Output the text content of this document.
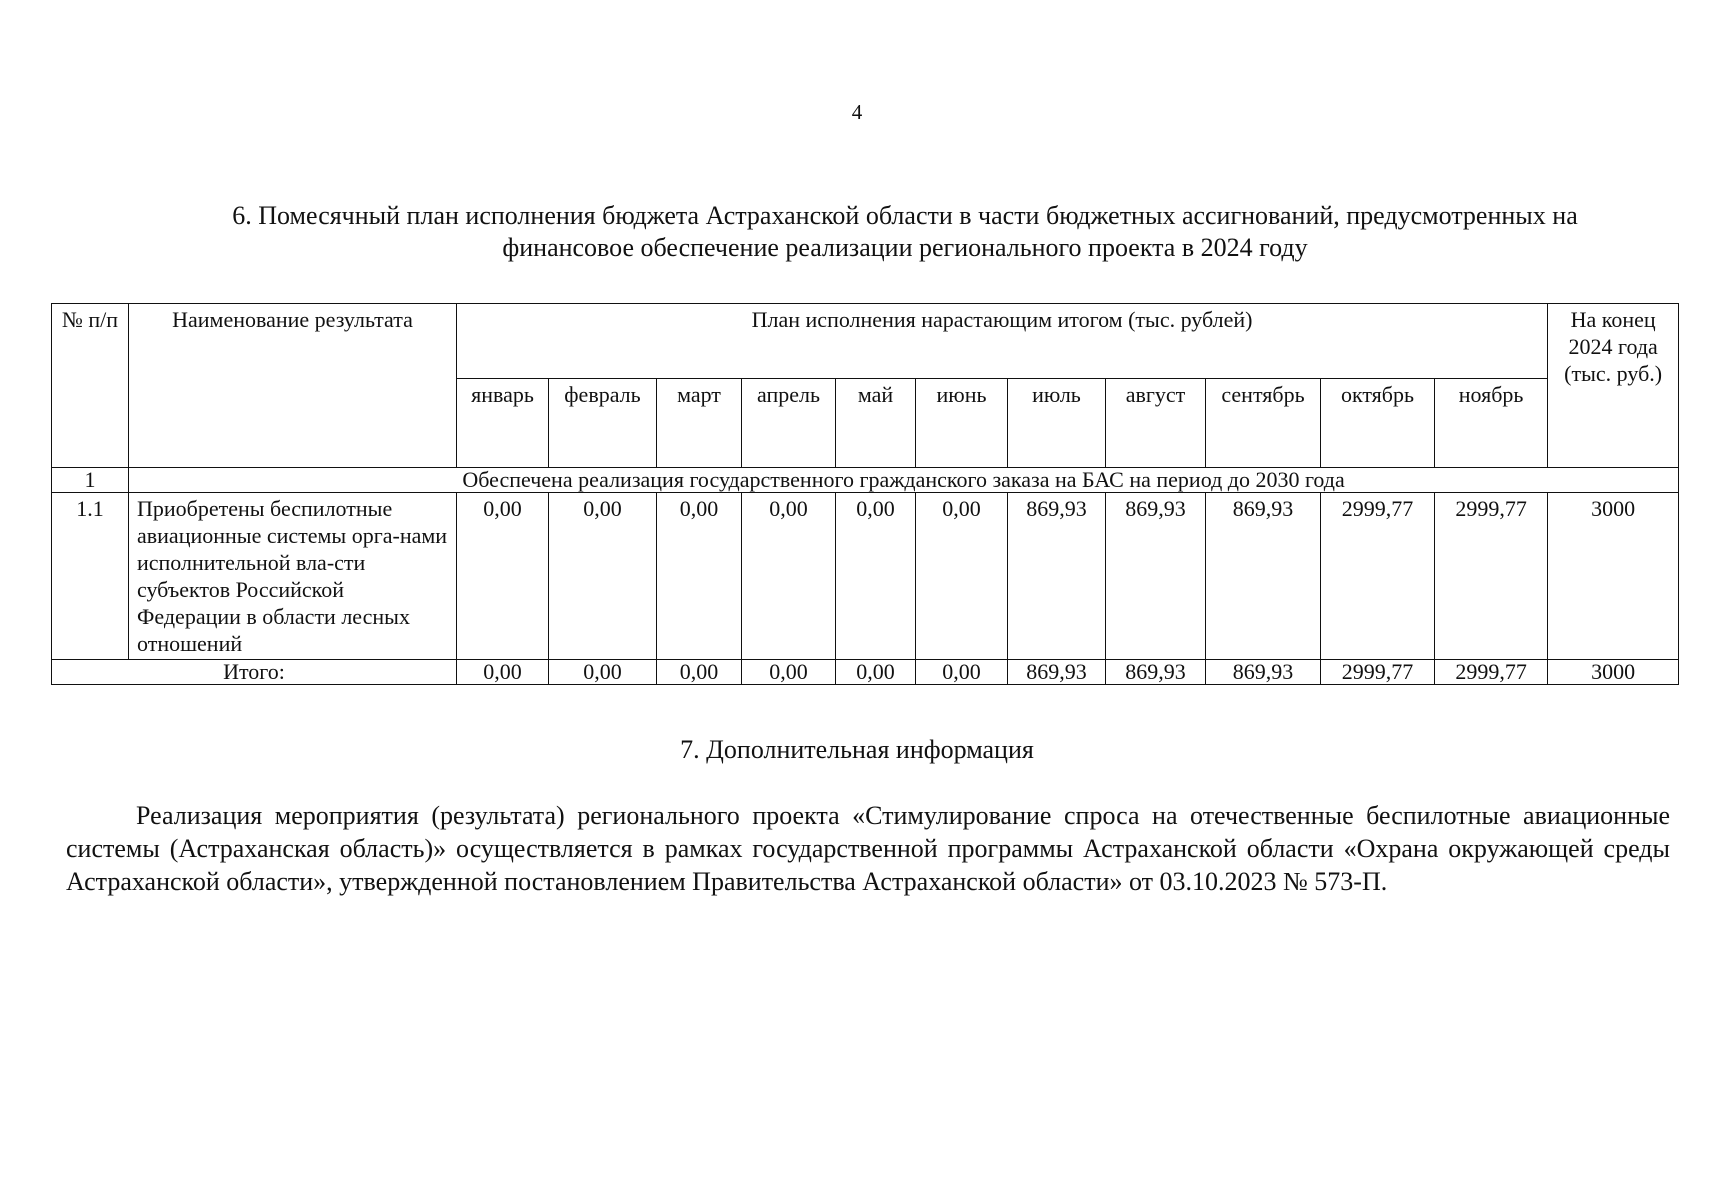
4
6. Помесячный план исполнения бюджета Астраханской области в части бюджетных ассигнований, предусмотренных на
финансовое обеспечение реализации регионального проекта в 2024 году
№ п/п	Наименование результата	План исполнения нарастающим итогом (тыс. рублей)											На конец 2024 года (тыс. руб.)
		январь	февраль	март	апрель	май	июнь	июль	август	сентябрь	октябрь	ноябрь	
1	Обеспечена реализация государственного гражданского заказа на БАС на период до 2030 года												
1.1	Приобретены беспилотные авиационные системы орга-нами исполнительной вла-сти субъектов Российской Федерации в области лесных отношений	0,00	0,00	0,00	0,00	0,00	0,00	869,93	869,93	869,93	2999,77	2999,77	3000
Итого:		0,00	0,00	0,00	0,00	0,00	0,00	869,93	869,93	869,93	2999,77	2999,77	3000
7. Дополнительная информация

Реализация мероприятия (результата) регионального проекта «Стимулирование спроса на отечественные беспилотные авиационные системы (Астраханская область)» осуществляется в рамках государственной программы Астраханской области «Охрана окружающей среды Астраханской области», утвержденной постановлением Правительства Астраханской области» от 03.10.2023 № 573-П.
